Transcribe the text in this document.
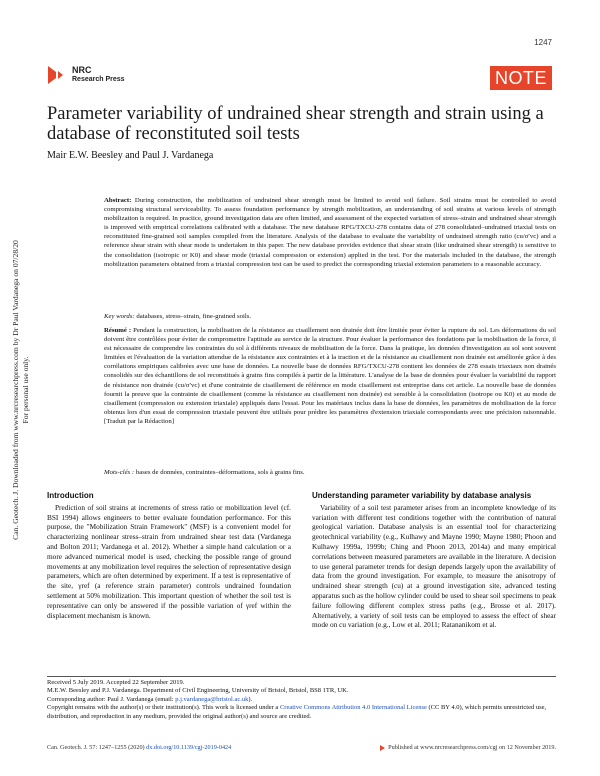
1247
NRC
Research Press	NOTE
Parameter variability of undrained shear strength and strain using a database of reconstituted soil tests
Mair E.W. Beesley and Paul J. Vardanega
Can. Geotech. J. Downloaded from www.nrcresearchpress.com by Dr Paul Vardanega on 07/28/20 For personal use only.
Abstract: During construction, the mobilization of undrained shear strength must be limited to avoid soil failure. Soil strains must be controlled to avoid compromising structural serviceability. To assess foundation performance by strength mobilization, an understanding of soil strains at various levels of strength mobilization is required. In practice, ground investigation data are often limited, and assessment of the expected variation of stress–strain and undrained shear strength is improved with empirical correlations calibrated with a database. The new database RFG/TXCU-278 contains data of 278 consolidated–undrained triaxial tests on reconstituted fine-grained soil samples compiled from the literature. Analysis of the database to evaluate the variability of undrained strength ratio (cu/σ′vc) and a reference shear strain with shear mode is undertaken in this paper. The new database provides evidence that shear strain (like undrained shear strength) is sensitive to the consolidation (isotropic or K0) and shear mode (triaxial compression or extension) applied in the test. For the materials included in the database, the strength mobilization parameters obtained from a triaxial compression test can be used to predict the corresponding triaxial extension parameters to a reasonable accuracy.
Key words: databases, stress–strain, fine-grained soils.
Résumé : Pendant la construction, la mobilisation de la résistance au cisaillement non drainée doit être limitée pour éviter la rupture du sol. Les déformations du sol doivent être contrôlées pour éviter de compromettre l'aptitude au service de la structure. Pour évaluer la performance des fondations par la mobilisation de la force, il est nécessaire de comprendre les contraintes du sol à différents niveaux de mobilisation de la force. Dans la pratique, les données d'investigation au sol sont souvent limitées et l'évaluation de la variation attendue de la résistance aux contraintes et à la traction et de la résistance au cisaillement non drainée est améliorée grâce à des corrélations empiriques calibrées avec une base de données. La nouvelle base de données RFG/TXCU-278 contient les données de 278 essais triaxiaux non drainés consolidés sur des échantillons de sol reconstitués à grains fins compilés à partir de la littérature. L'analyse de la base de données pour évaluer la variabilité du rapport de résistance non drainée (cu/σ′vc) et d'une contrainte de cisaillement de référence en mode cisaillement est entreprise dans cet article. La nouvelle base de données fournit la preuve que la contrainte de cisaillement (comme la résistance au cisaillement non drainée) est sensible à la consolidation (isotrope ou K0) et au mode de cisaillement (compression ou extension triaxiale) appliqués dans l'essai. Pour les matériaux inclus dans la base de données, les paramètres de mobilisation de la force obtenus lors d'un essai de compression triaxiale peuvent être utilisés pour prédire les paramètres d'extension triaxiale correspondants avec une précision raisonnable. [Traduit par la Rédaction]
Mots-clés : bases de données, contraintes–déformations, sols à grains fins.
Introduction

Prediction of soil strains at increments of stress ratio or mobilization level (cf. BSI 1994) allows engineers to better evaluate foundation performance. For this purpose, the "Mobilization Strain Framework" (MSF) is a convenient model for characterizing nonlinear stress–strain from undrained shear test data (Vardanega and Bolton 2011; Vardanega et al. 2012). Whether a simple hand calculation or a more advanced numerical model is used, checking the possible range of ground movements at any mobilization level requires the selection of representative design parameters, which are often determined by experiment. If a test is representative of the site, γref (a reference strain parameter) controls undrained foundation settlement at 50% mobilization. This important question of whether the soil test is representative can only be answered if the possible variation of γref within the displacement mechanism is known.

Understanding parameter variability by database analysis

Variability of a soil test parameter arises from an incomplete knowledge of its variation with different test conditions together with the contribution of natural geological variation. Database analysis is an essential tool for characterizing geotechnical variability (e.g., Kulhawy and Mayne 1990; Mayne 1980; Phoon and Kulhawy 1999a, 1999b; Ching and Phoon 2013, 2014a) and many empirical correlations between measured parameters are available in the literature. A decision to use general parameter trends for design depends largely upon the availability of data from the ground investigation. For example, to measure the anisotropy of undrained shear strength (cu) at a ground investigation site, advanced testing apparatus such as the hollow cylinder could be used to shear soil specimens to peak failure following different complex stress paths (e.g., Brosse et al. 2017). Alternatively, a variety of soil tests can be employed to assess the effect of shear mode on cu variation (e.g., Low et al. 2011; Ratananikom et al.

Received 5 July 2019. Accepted 22 September 2019.

M.E.W. Beesley and P.J. Vardanega. Department of Civil Engineering, University of Bristol, Bristol, BS8 1TR, UK.

Corresponding author: Paul J. Vardanega (email: p.j.vardanega@bristol.ac.uk).

Copyright remains with the author(s) or their institution(s). This work is licensed under a Creative Commons Attribution 4.0 International License (CC BY 4.0), which permits unrestricted use, distribution, and reproduction in any medium, provided the original author(s) and source are credited.

Can. Geotech. J. 57: 1247–1255 (2020) dx.doi.org/10.1139/cgj-2019-0424	Published at www.nrcresearchpress.com/cgj on 12 November 2019.
